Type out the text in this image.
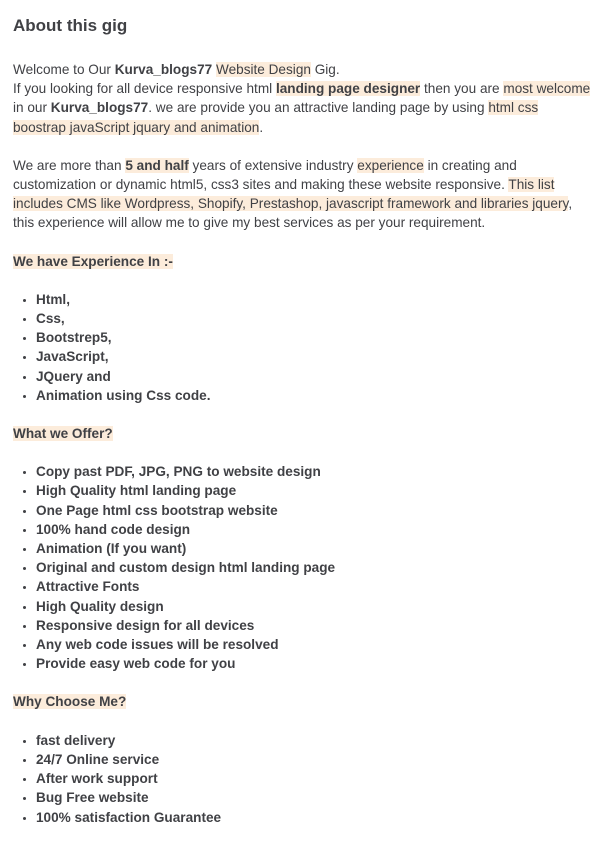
About this gig

Welcome to Our Kurva_blogs77 Website Design Gig.
If you looking for all device responsive html landing page designer then you are most welcome in our Kurva_blogs77. we are provide you an attractive landing page by using html css boostrap javaScript jquary and animation.

We are more than 5 and half years of extensive industry experience in creating and customization or dynamic html5, css3 sites and making these website responsive. This list includes CMS like Wordpress, Shopify, Prestashop, javascript framework and libraries jquery, this experience will allow me to give my best services as per your requirement.

We have Experience In :-
Html,
Css,
Bootstrep5,
JavaScript,
JQuery and
Animation using Css code.
What we Offer?
Copy past PDF, JPG, PNG to website design
High Quality html landing page
One Page html css bootstrap website
100% hand code design
Animation (If you want)
Original and custom design html landing page
Attractive Fonts
High Quality design
Responsive design for all devices
Any web code issues will be resolved
Provide easy web code for you
Why Choose Me?
fast delivery
24/7 Online service
After work support
Bug Free website
100% satisfaction Guarantee
